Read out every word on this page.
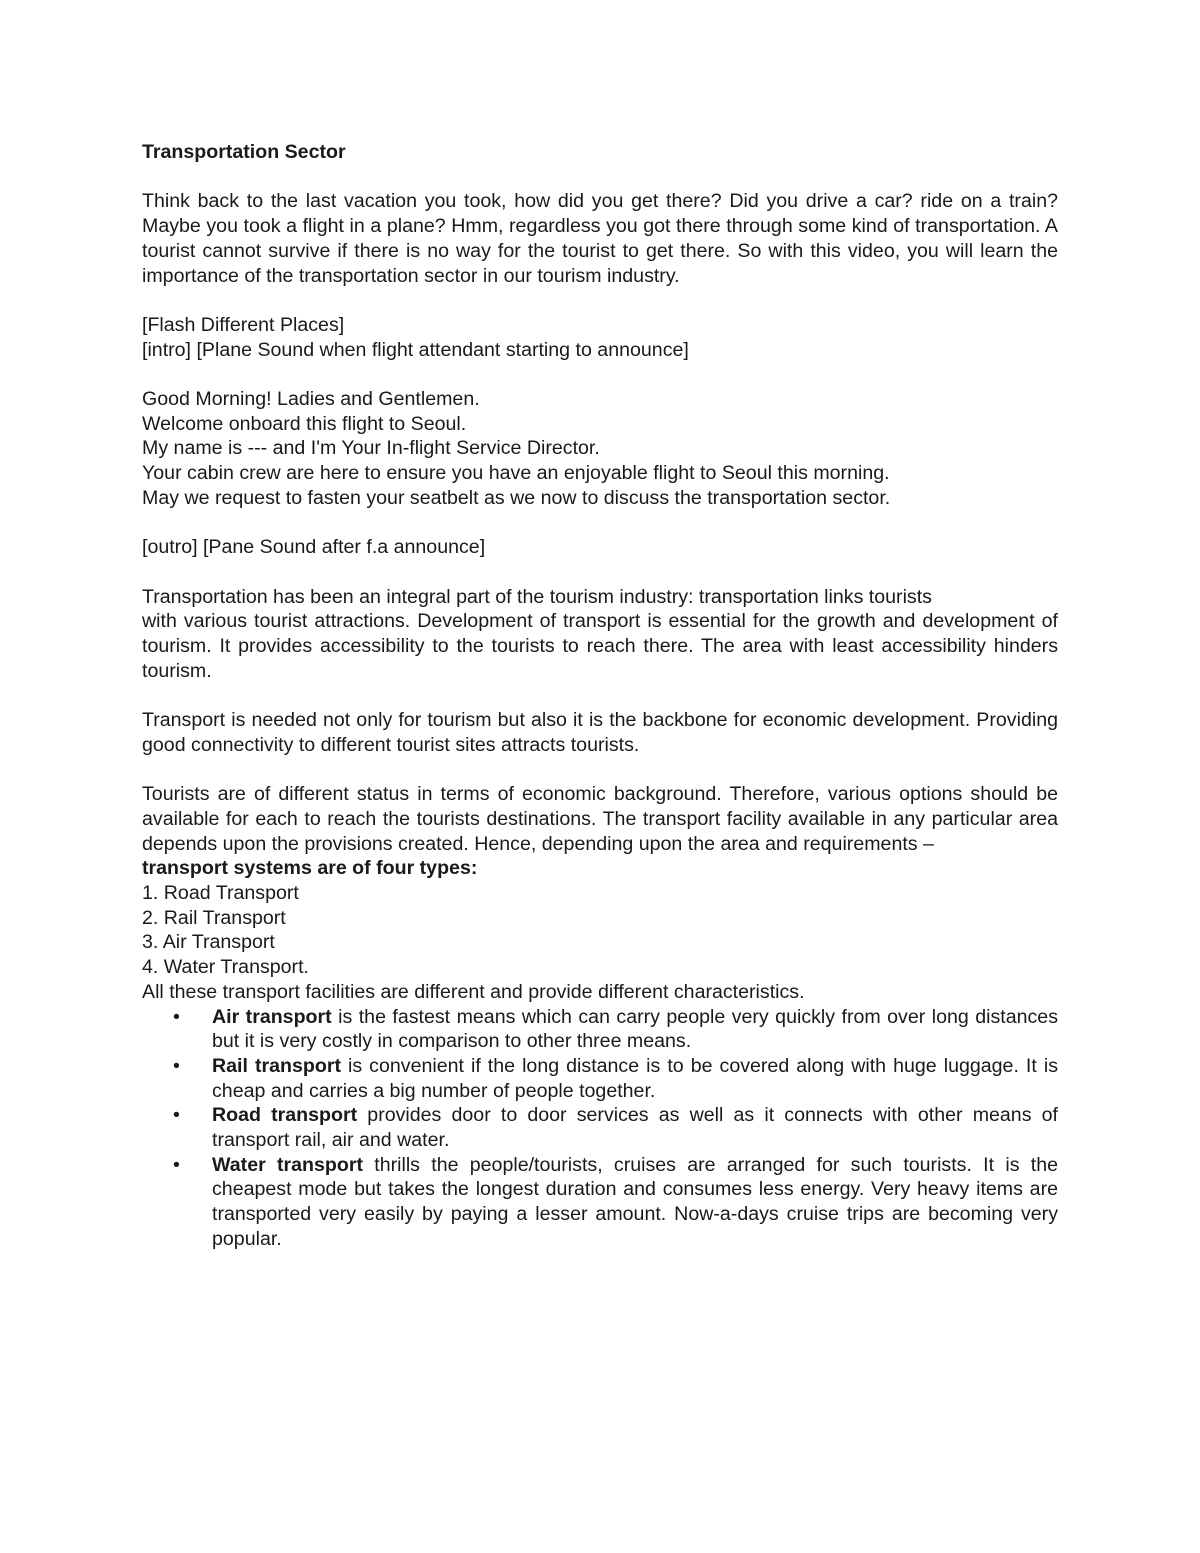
Transportation Sector

Think back to the last vacation you took, how did you get there? Did you drive a car? ride on a train? Maybe you took a flight in a plane? Hmm, regardless you got there through some kind of transportation. A tourist cannot survive if there is no way for the tourist to get there. So with this video, you will learn the importance of the transportation sector in our tourism industry.

[Flash Different Places]
[intro] [Plane Sound when flight attendant starting to announce]

Good Morning! Ladies and Gentlemen.
Welcome onboard this flight to Seoul.
My name is --- and I'm Your In-flight Service Director.
Your cabin crew are here to ensure you have an enjoyable flight to Seoul this morning.
May we request to fasten your seatbelt as we now to discuss the transportation sector.

[outro] [Pane Sound after f.a announce]

Transportation has been an integral part of the tourism industry: transportation links tourists
with various tourist attractions. Development of transport is essential for the growth and development of tourism. It provides accessibility to the tourists to reach there. The area with least accessibility hinders tourism.

Transport is needed not only for tourism but also it is the backbone for economic development. Providing good connectivity to different tourist sites attracts tourists.

Tourists are of different status in terms of economic background. Therefore, various options should be available for each to reach the tourists destinations. The transport facility available in any particular area depends upon the provisions created. Hence, depending upon the area and requirements –
transport systems are of four types:
1. Road Transport
2. Rail Transport
3. Air Transport
4. Water Transport.
All these transport facilities are different and provide different characteristics.
• Air transport is the fastest means which can carry people very quickly from over long distances but it is very costly in comparison to other three means.
• Rail transport is convenient if the long distance is to be covered along with huge luggage. It is cheap and carries a big number of people together.
• Road transport provides door to door services as well as it connects with other means of transport rail, air and water.
• Water transport thrills the people/tourists, cruises are arranged for such tourists. It is the cheapest mode but takes the longest duration and consumes less energy. Very heavy items are transported very easily by paying a lesser amount. Now-a-days cruise trips are becoming very popular.
